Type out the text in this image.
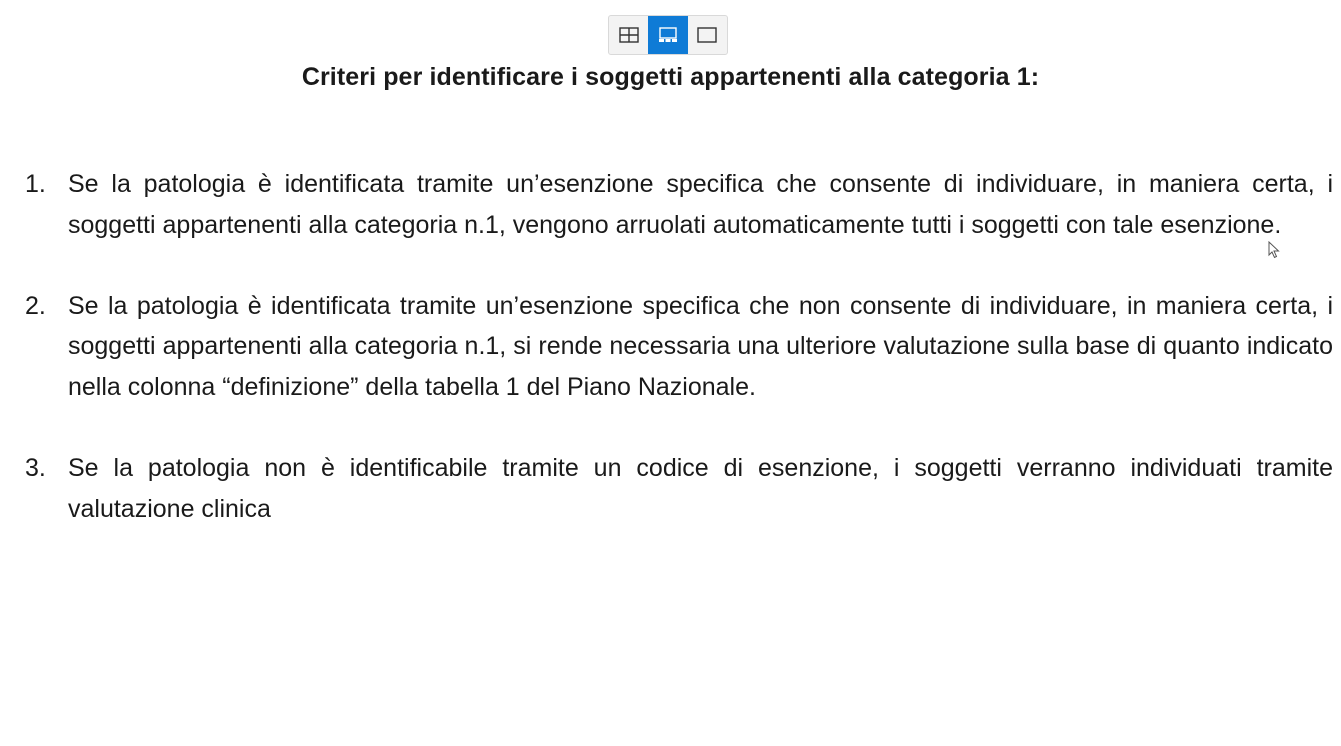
Criteri per identificare i soggetti appartenenti alla categoria 1:
1. Se la patologia è identificata tramite un’esenzione specifica che consente di individuare, in maniera certa, i soggetti appartenenti alla categoria n.1, vengono arruolati automaticamente tutti i soggetti con tale esenzione.
2. Se la patologia è identificata tramite un’esenzione specifica che non consente di individuare, in maniera certa, i soggetti appartenenti alla categoria n.1, si rende necessaria una ulteriore valutazione sulla base di quanto indicato nella colonna “definizione” della tabella 1 del Piano Nazionale.
3. Se la patologia non è identificabile tramite un codice di esenzione, i soggetti verranno individuati tramite valutazione clinica
